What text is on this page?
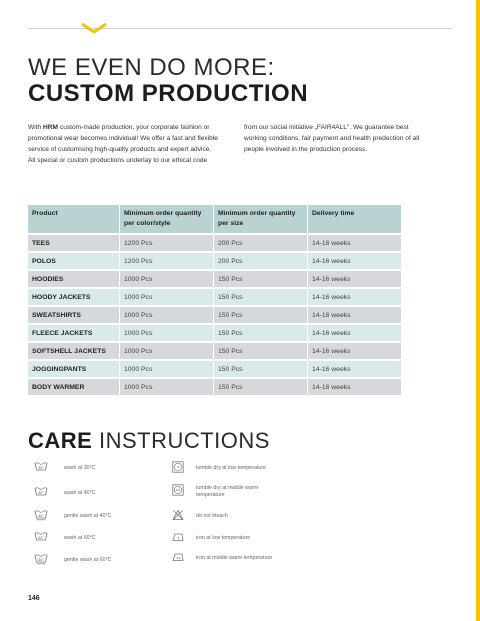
WE EVEN DO MORE:
CUSTOM PRODUCTION

With HRM custom-made production, your corporate fashion or promotional wear becomes individual! We offer a fast and flexible service of customising high-quality products and expert advice. All special or custom productions underlay to our ethical code

from our social initiative „FAIR4ALL". We guarantee best working conditions, fair payment and health predection of all people involved in the production process.

Product	Minimum order quantity per color/style	Minimum order quantity per size	Delivery time
TEES	1200 Pcs	200 Pcs	14-16 weeks
POLOS	1200 Pcs	200 Pcs	14-16 weeks
HOODIES	1000 Pcs	150 Pcs	14-16 weeks
HOODY JACKETS	1000 Pcs	150 Pcs	14-16 weeks
SWEATSHIRTS	1000 Pcs	150 Pcs	14-16 weeks
FLEECE JACKETS	1000 Pcs	150 Pcs	14-16 weeks
SOFTSHELL JACKETS	1000 Pcs	150 Pcs	14-16 weeks
JOGGINGPANTS	1000 Pcs	150 Pcs	14-16 weeks
BODY WARMER	1000 Pcs	150 Pcs	14-16 weeks
CARE INSTRUCTIONS
30°	wash at 30°C
40°	wash at 40°C
40°	gentle wash at 40°C
60°	wash at 60°C
60°	gentle wash at 60°C
tumble dry at low temperature
tumble dry at middle warm temperature
do not bleach
iron at low temperature
iron at middle warm temperature
146
